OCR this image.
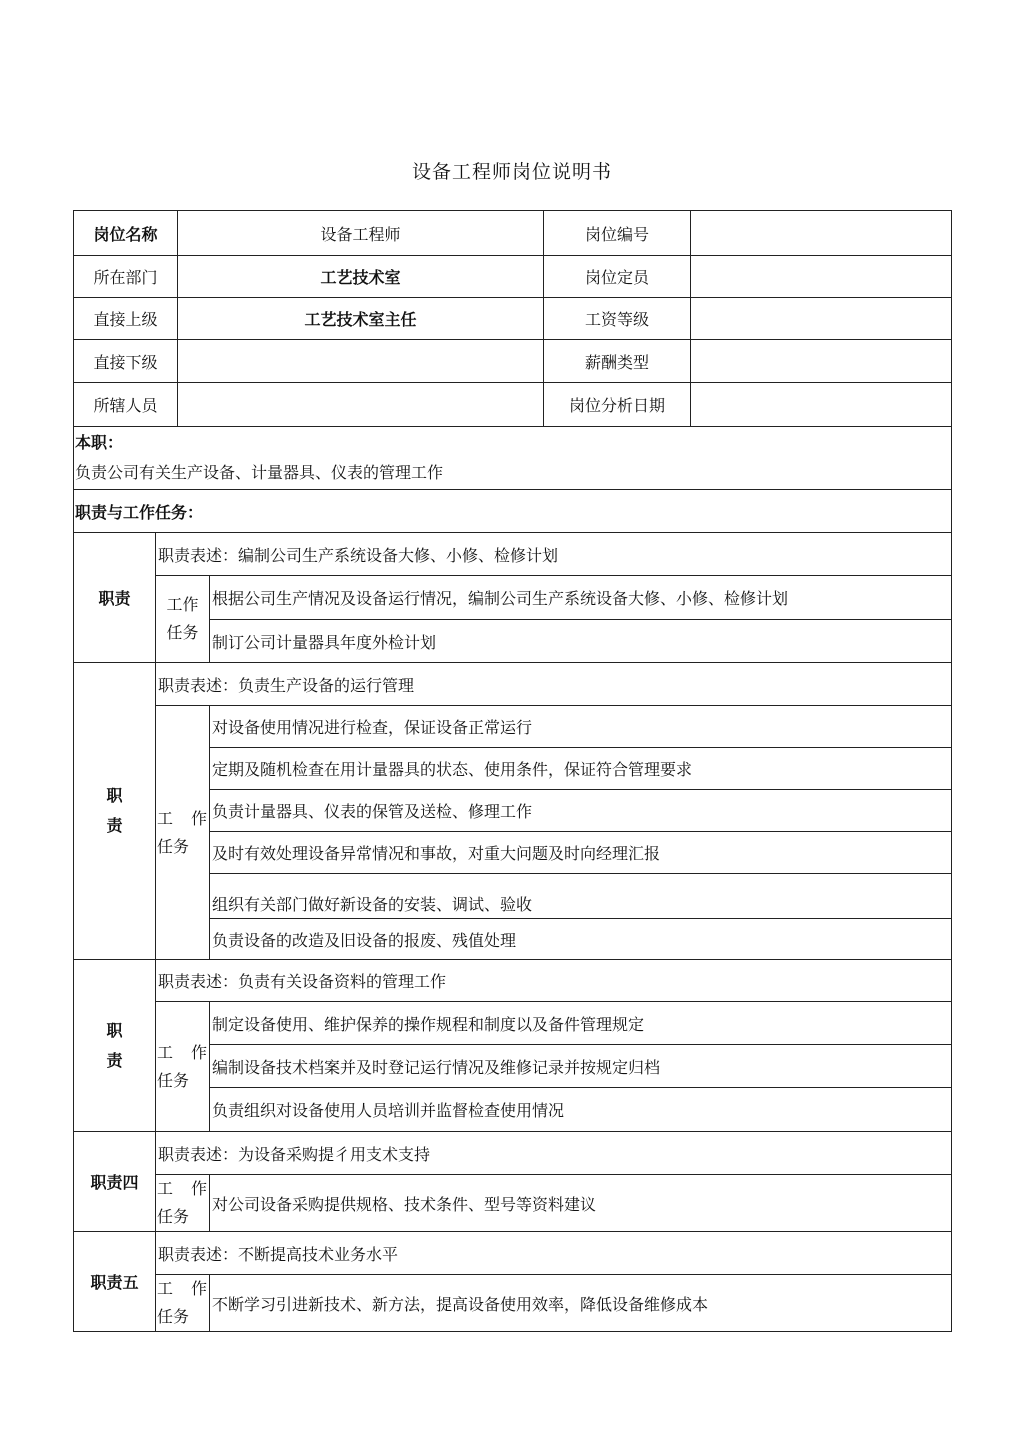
设备工程师岗位说明书
岗位名称		设备工程师		岗位编号	
所在部门		工艺技术室		岗位定员	
直接上级		工艺技术室主任		工资等级	
直接下级				薪酬类型	
所辖人员				岗位分析日期	

本职：
负责公司有关生产设备、计量器具、仪表的管理工作					

职责与工作任务：					
职责	职责表述：编制公司生产系统设备大修、小修、检修计划				

	工作
任务		根据公司生产情况及设备运行情况，编制公司生产系统设备大修、小修、检修计划		
			制订公司计量器具年度外检计划		

职
责	职责表述：负责生产设备的运行管理				

	工 作
任务		对设备使用情况进行检查，保证设备正常运行		
			定期及随机检查在用计量器具的状态、使用条件，保证符合管理要求		
			负责计量器具、仪表的保管及送检、修理工作		
			及时有效处理设备异常情况和事故，对重大问题及时向经理汇报		
			组织有关部门做好新设备的安装、调试、验收		
			负责设备的改造及旧设备的报废、残值处理		

职
责	职责表述：负责有关设备资料的管理工作				

	工 作
任务		制定设备使用、维护保养的操作规程和制度以及备件管理规定		
			编制设备技术档案并及时登记运行情况及维修记录并按规定归档		
			负责组织对设备使用人员培训并监督检查使用情况		
职责四	职责表述：为设备采购提彳用支术支持				

	工 作
任务		对公司设备采购提供规格、技术条件、型号等资料建议		
职责五	职责表述：不断提高技术业务水平				

	工 作
任务		不断学习引进新技术、新方法，提高设备使用效率，降低设备维修成本		
